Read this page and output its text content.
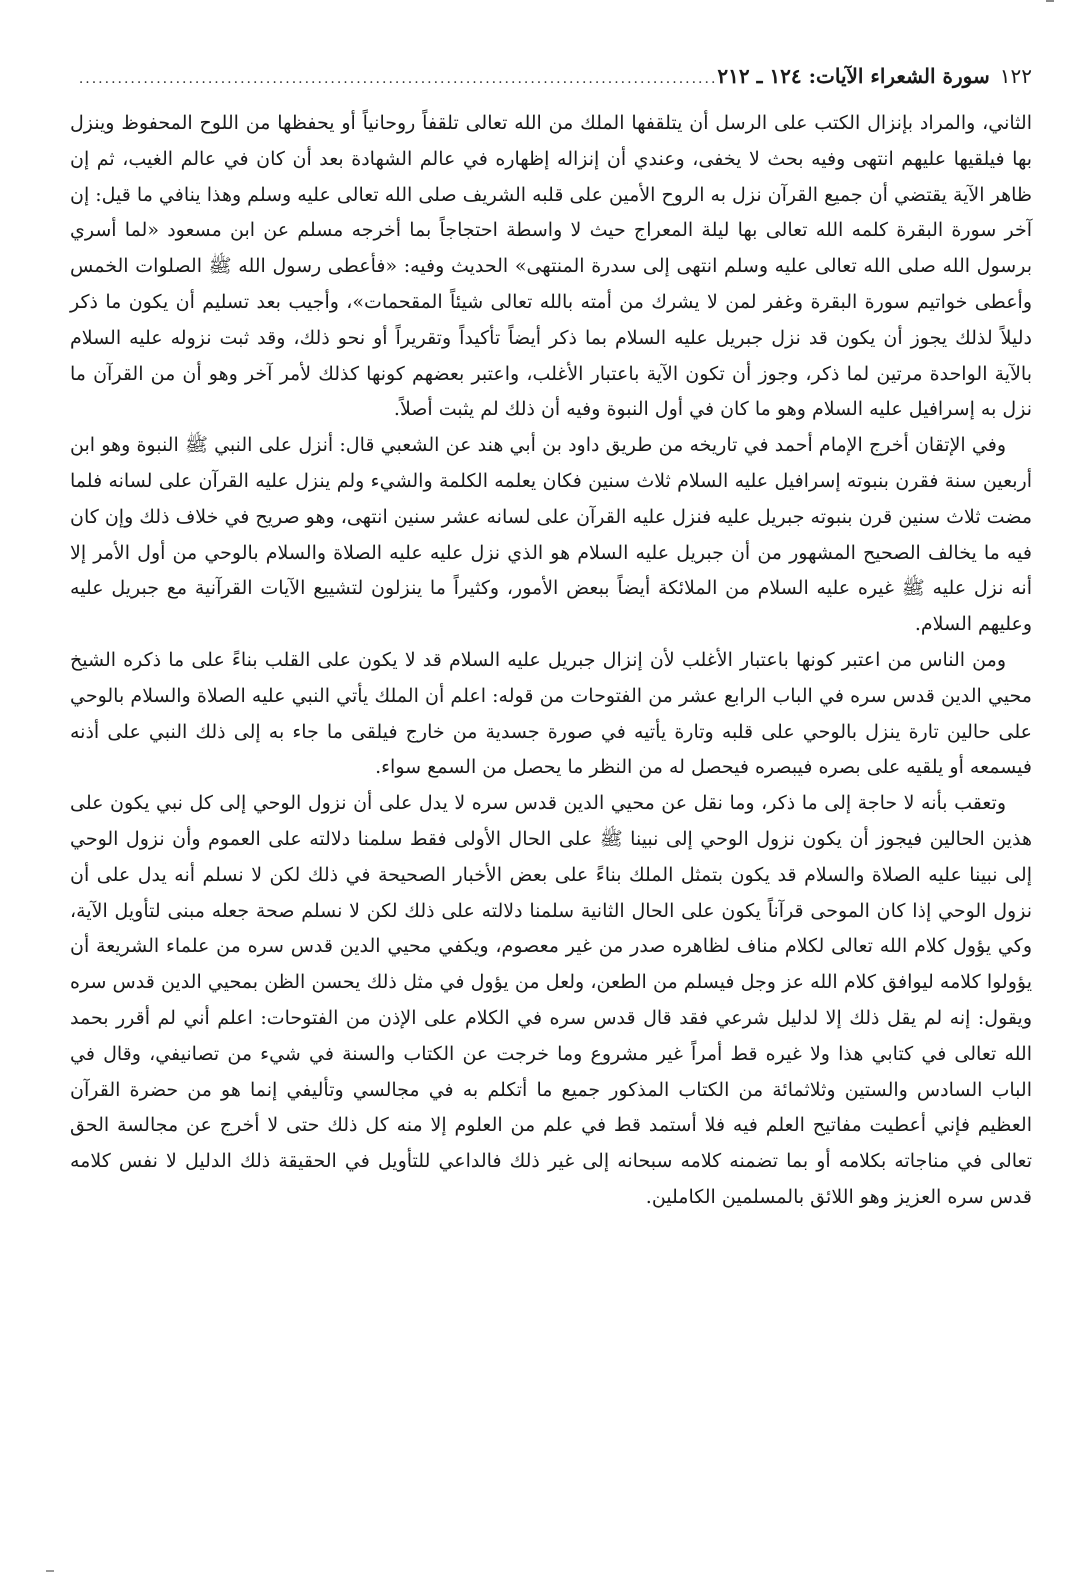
١٢٢
سورة الشعراء الآيات: ١٢٤ ـ ٢١٢
.....

الثاني، والمراد بإنزال الكتب على الرسل أن يتلقفها الملك من الله تعالى تلقفاً روحانياً أو يحفظها من اللوح المحفوظ وينزل بها فيلقيها عليهم انتهى وفيه بحث لا يخفى، وعندي أن إنزاله إظهاره في عالم الشهادة بعد أن كان في عالم الغيب، ثم إن ظاهر الآية يقتضي أن جميع القرآن نزل به الروح الأمين على قلبه الشريف صلى الله تعالى عليه وسلم وهذا ينافي ما قيل: إن آخر سورة البقرة كلمه الله تعالى بها ليلة المعراج حيث لا واسطة احتجاجاً بما أخرجه مسلم عن ابن مسعود «لما أسري برسول الله صلى الله تعالى عليه وسلم انتهى إلى سدرة المنتهى» الحديث وفيه: «فأعطى رسول الله ﷺ الصلوات الخمس وأعطى خواتيم سورة البقرة وغفر لمن لا يشرك من أمته بالله تعالى شيئاً المقحمات»، وأجيب بعد تسليم أن يكون ما ذكر دليلاً لذلك يجوز أن يكون قد نزل جبريل عليه السلام بما ذكر أيضاً تأكيداً وتقريراً أو نحو ذلك، وقد ثبت نزوله عليه السلام بالآية الواحدة مرتين لما ذكر، وجوز أن تكون الآية باعتبار الأغلب، واعتبر بعضهم كونها كذلك لأمر آخر وهو أن من القرآن ما نزل به إسرافيل عليه السلام وهو ما كان في أول النبوة وفيه أن ذلك لم يثبت أصلاً.

وفي الإتقان أخرج الإمام أحمد في تاريخه من طريق داود بن أبي هند عن الشعبي قال: أنزل على النبي ﷺ النبوة وهو ابن أربعين سنة فقرن بنبوته إسرافيل عليه السلام ثلاث سنين فكان يعلمه الكلمة والشيء ولم ينزل عليه القرآن على لسانه فلما مضت ثلاث سنين قرن بنبوته جبريل عليه فنزل عليه القرآن على لسانه عشر سنين انتهى، وهو صريح في خلاف ذلك وإن كان فيه ما يخالف الصحيح المشهور من أن جبريل عليه السلام هو الذي نزل عليه عليه الصلاة والسلام بالوحي من أول الأمر إلا أنه نزل عليه ﷺ غيره عليه السلام من الملائكة أيضاً ببعض الأمور، وكثيراً ما ينزلون لتشييع الآيات القرآنية مع جبريل عليه وعليهم السلام.

ومن الناس من اعتبر كونها باعتبار الأغلب لأن إنزال جبريل عليه السلام قد لا يكون على القلب بناءً على ما ذكره الشيخ محيي الدين قدس سره في الباب الرابع عشر من الفتوحات من قوله: اعلم أن الملك يأتي النبي عليه الصلاة والسلام بالوحي على حالين تارة ينزل بالوحي على قلبه وتارة يأتيه في صورة جسدية من خارج فيلقى ما جاء به إلى ذلك النبي على أذنه فيسمعه أو يلقيه على بصره فيبصره فيحصل له من النظر ما يحصل من السمع سواء.

وتعقب بأنه لا حاجة إلى ما ذكر، وما نقل عن محيي الدين قدس سره لا يدل على أن نزول الوحي إلى كل نبي يكون على هذين الحالين فيجوز أن يكون نزول الوحي إلى نبينا ﷺ على الحال الأولى فقط سلمنا دلالته على العموم وأن نزول الوحي إلى نبينا عليه الصلاة والسلام قد يكون بتمثل الملك بناءً على بعض الأخبار الصحيحة في ذلك لكن لا نسلم أنه يدل على أن نزول الوحي إذا كان الموحى قرآناً يكون على الحال الثانية سلمنا دلالته على ذلك لكن لا نسلم صحة جعله مبنى لتأويل الآية، وكي يؤول كلام الله تعالى لكلام مناف لظاهره صدر من غير معصوم، ويكفي محيي الدين قدس سره من علماء الشريعة أن يؤولوا كلامه ليوافق كلام الله عز وجل فيسلم من الطعن، ولعل من يؤول في مثل ذلك يحسن الظن بمحيي الدين قدس سره ويقول: إنه لم يقل ذلك إلا لدليل شرعي فقد قال قدس سره في الكلام على الإذن من الفتوحات: اعلم أني لم أقرر بحمد الله تعالى في كتابي هذا ولا غيره قط أمراً غير مشروع وما خرجت عن الكتاب والسنة في شيء من تصانيفي، وقال في الباب السادس والستين وثلاثمائة من الكتاب المذكور جميع ما أتكلم به في مجالسي وتأليفي إنما هو من حضرة القرآن العظيم فإني أعطيت مفاتيح العلم فيه فلا أستمد قط في علم من العلوم إلا منه كل ذلك حتى لا أخرج عن مجالسة الحق تعالى في مناجاته بكلامه أو بما تضمنه كلامه سبحانه إلى غير ذلك فالداعي للتأويل في الحقيقة ذلك الدليل لا نفس كلامه قدس سره العزيز وهو اللائق بالمسلمين الكاملين.
